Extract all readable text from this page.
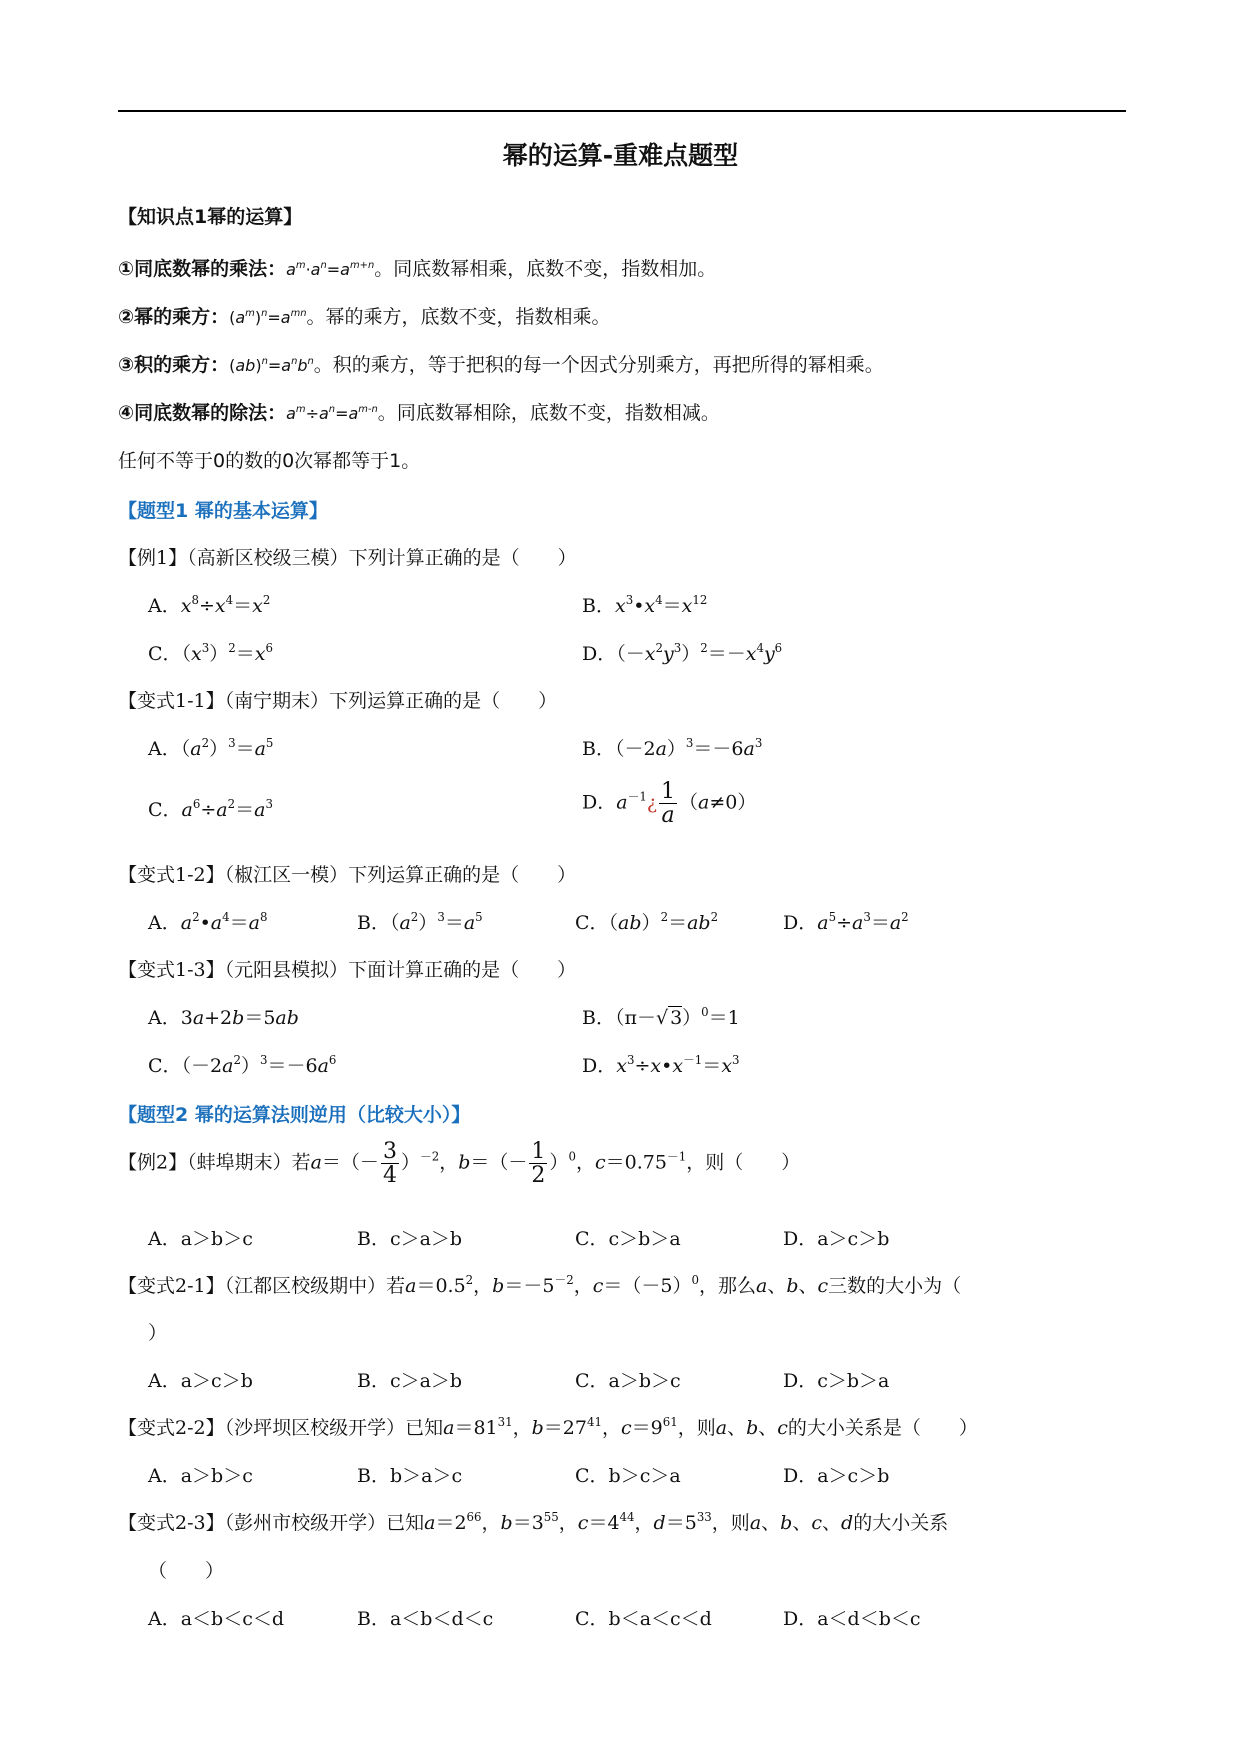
幂的运算-重难点题型
【知识点1幂的运算】
①同底数幂的乘法：$a^m\cdot a^n=a^{m+n}$。同底数幂相乘，底数不变，指数相加。
②幂的乘方：$(a^m)^n=a^{mn}$。幂的乘方，底数不变，指数相乘。
③积的乘方：$(ab)^n=a^nb^n$。积的乘方，等于把积的每一个因式分别乘方，再把所得的幂相乘。
④同底数幂的除法：$a^m\div a^n=a^{m-n}$。同底数幂相除，底数不变，指数相减。
任何不等于0的数的0次幂都等于1。
【题型1 幂的基本运算】
【例1】（高新区校级三模）下列计算正确的是（　　）
A．$x^8\div x^4=x^2$	B．$x^3•x^4=x^{12}$
C．$(x^3)^2=x^6$	D．$(-x^2y^3)^2=-x^4y^6$
【变式1-1】（南宁期末）下列运算正确的是（　　）
A．$(a^2)^3=a^5$	B．$(-2a)^3=-6a^3$
C．$a^6\div a^2=a^3$	D．$a^{-1}¿ \frac{1}{a} (a\ne 0)$
【变式1-2】（椒江区一模）下列运算正确的是（　　）
A．$a^2•a^4=a^8$	B．$(a^2)^3=a^5$	C．$(ab)^2=ab^2$	D．$a^5\div a^3=a^2$
【变式1-3】（元阳县模拟）下面计算正确的是（　　）
A．3a+2b＝5ab	B．（π－√ 3）$^0$＝1
C．$(-2a^2)^3=-6a^6$	D．$x^3\div x•x^{-1}=x^3$
【题型2 幂的运算法则逆用（比较大小）】
【例2】（蚌埠期末）若$a=(- \frac{3}{4} )^{-2}$，$b=(- \frac{1}{2} )^0$，$c=0.75^{-1}$，则（　　）
A．a＞b＞c	B．c＞a＞b	C．c＞b＞a	D．a＞c＞b
【变式2-1】（江都区校级期中）若$a=0.5^2$，$b=-5^{-2}$，$c=(-5)^0$，那么a、b、c三数的大小为（
）
A．a＞c＞b	B．c＞a＞b	C．a＞b＞c	D．c＞b＞a
【变式2-2】（沙坪坝区校级开学）已知$a=81^{31}$，$b=27^{41}$，$c=9^{61}$，则a、b、c的大小关系是（　　）
A．a＞b＞c	B．b＞a＞c	C．b＞c＞a	D．a＞c＞b
【变式2-3】（彭州市校级开学）已知$a=2^{66}$，$b=3^{55}$，$c=4^{44}$，$d=5^{33}$，则a、b、c、d的大小关系
（　　）
A．a＜b＜c＜d	B．a＜b＜d＜c	C．b＜a＜c＜d	D．a＜d＜b＜c
